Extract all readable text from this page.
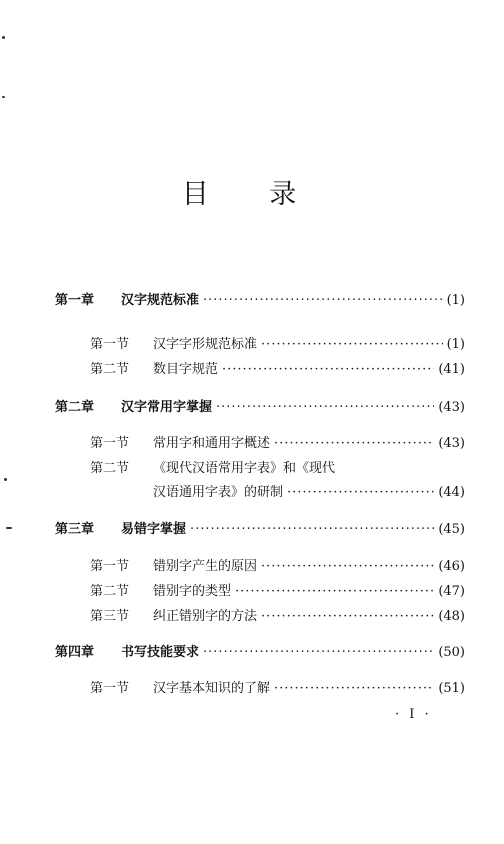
目 录
第一章	汉字规范标准 ·····	(1)
第一节	汉字字形规范标准 ·····	(1)
第二节	数目字规范 ·····	(41)
第二章	汉字常用字掌握 ·····	(43)
第一节	常用字和通用字概述 ·····	(43)
第二节	《现代汉语常用字表》和《现代
汉语通用字表》的研制 ·····	(44)
第三章	易错字掌握 ·····	(45)
第一节	错别字产生的原因 ·····	(46)
第二节	错别字的类型 ·····	(47)
第三节	纠正错别字的方法 ·····	(48)
第四章	书写技能要求 ·····	(50)
第一节	汉字基本知识的了解 ·····	(51)
· I ·
